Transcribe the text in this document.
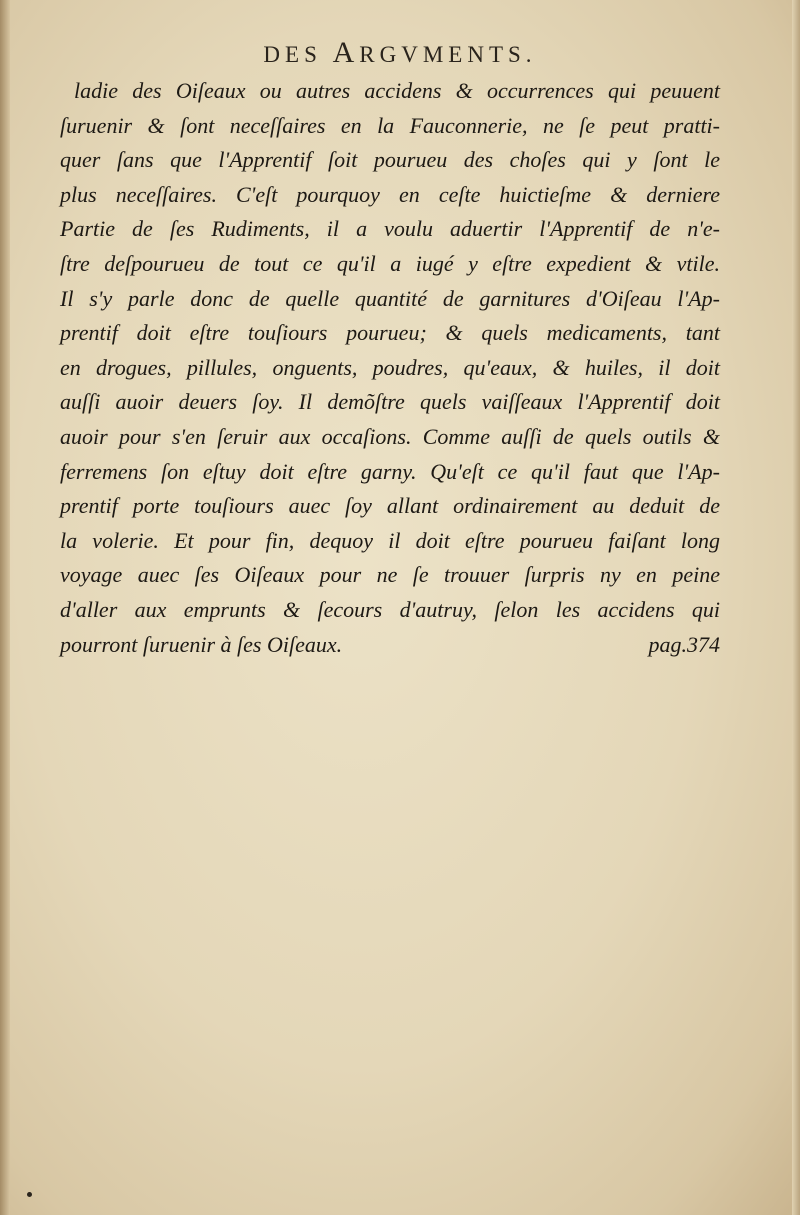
DES ARGVMENTS.
ladie des Oiſeaux ou autres accidens & occurrences qui peuuent
ſuruenir & ſont neceſſaires en la Fauconnerie, ne ſe peut pratti-
quer ſans que l'Apprentif ſoit pourueu des choſes qui y ſont le
plus neceſſaires. C'eſt pourquoy en ceſte huictieſme & derniere
Partie de ſes Rudiments, il a voulu aduertir l'Apprentif de n'e-
ſtre deſpourueu de tout ce qu'il a iugé y eſtre expedient & vtile.
Il s'y parle donc de quelle quantité de garnitures d'Oiſeau l'Ap-
prentif doit eſtre touſiours pourueu; & quels medicaments, tant
en drogues, pillules, onguents, poudres, qu'eaux, & huiles, il doit
auſſi auoir deuers ſoy. Il demõſtre quels vaiſſeaux l'Apprentif doit
auoir pour s'en ſeruir aux occaſions. Comme auſſi de quels outils &
ferremens ſon eſtuy doit eſtre garny. Qu'eſt ce qu'il faut que l'Ap-
prentif porte touſiours auec ſoy allant ordinairement au deduit de
la volerie. Et pour fin, dequoy il doit eſtre pourueu faiſant long
voyage auec ſes Oiſeaux pour ne ſe trouuer ſurpris ny en peine
d'aller aux emprunts & ſecours d'autruy, ſelon les accidens qui
pourront ſuruenir à ſes Oiſeaux.	pag.374
